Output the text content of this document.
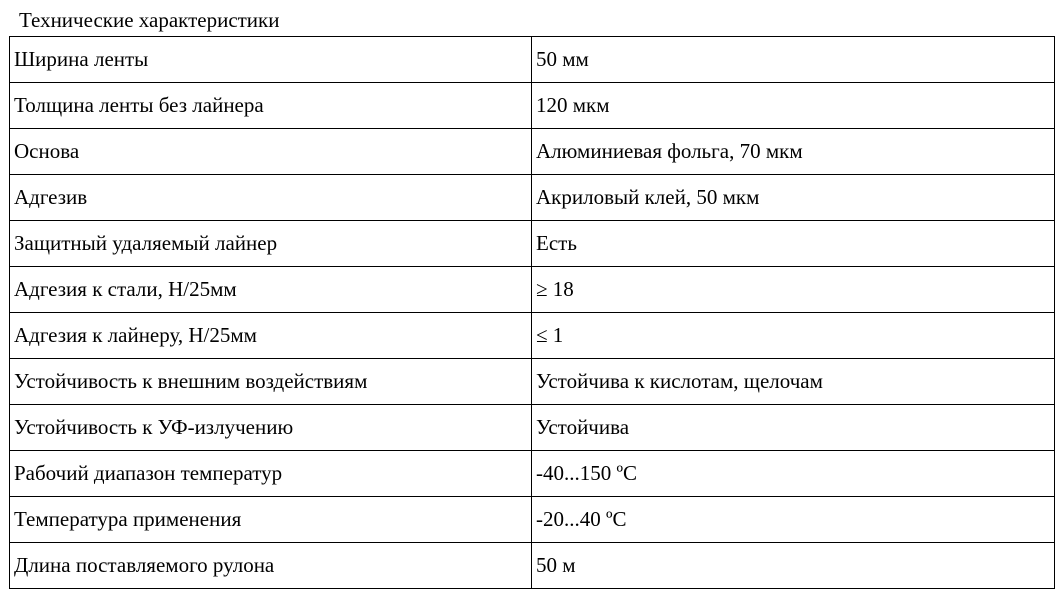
Технические характеристики
Ширина ленты	50 мм
Толщина ленты без лайнера	120 мкм
Основа	Алюминиевая фольга, 70 мкм
Адгезив	Акриловый клей, 50 мкм
Защитный удаляемый лайнер	Есть
Адгезия к стали, Н/25мм	≥ 18
Адгезия к лайнеру, Н/25мм	≤ 1
Устойчивость к внешним воздействиям	Устойчива к кислотам, щелочам
Устойчивость к УФ-излучению	Устойчива
Рабочий диапазон температур	-40...150 ºC
Температура применения	-20...40 ºC
Длина поставляемого рулона	50 м
